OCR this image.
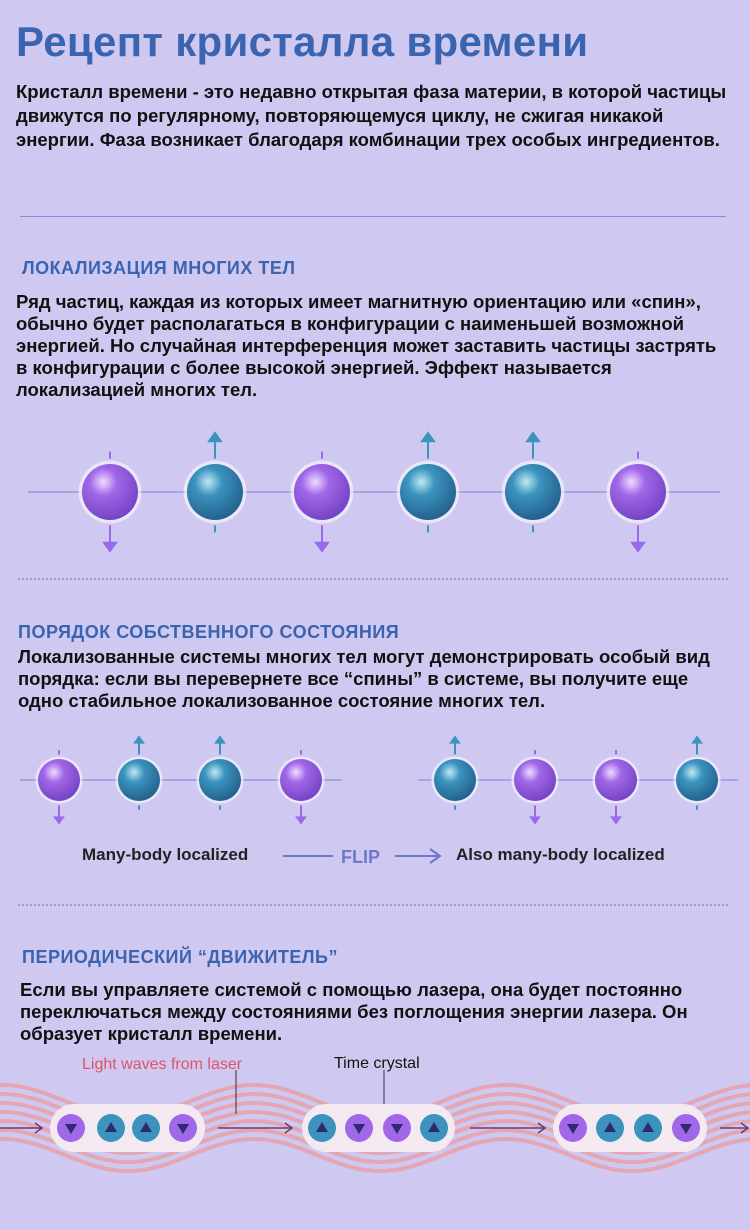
Рецепт кристалла времени
Кристалл времени - это недавно открытая фаза материи, в которой частицы движутся по регулярному, повторяющемуся циклу, не сжигая никакой энергии. Фаза возникает благодаря комбинации трех особых ингредиентов.
ЛОКАЛИЗАЦИЯ МНОГИХ ТЕЛ
Ряд частиц, каждая из которых имеет магнитную ориентацию или «спин», обычно будет располагаться в конфигурации с наименьшей возможной энергией. Но случайная интерференция может заставить частицы застрять в конфигурации с более высокой энергией. Эффект называется локализацией многих тел.
ПОРЯДОК СОБСТВЕННОГО СОСТОЯНИЯ
Локализованные системы многих тел могут демонстрировать особый вид порядка: если вы перевернете все “спины” в системе, вы получите еще одно стабильное локализованное состояние многих тел.
Many-body localized	FLIP	Also many-body localized
ПЕРИОДИЧЕСКИЙ “ДВИЖИТЕЛЬ”
Если вы управляете системой с помощью лазера, она будет постоянно переключаться между состояниями без поглощения энергии лазера. Он образует кристалл времени.
Light waves from laser	Time crystal
